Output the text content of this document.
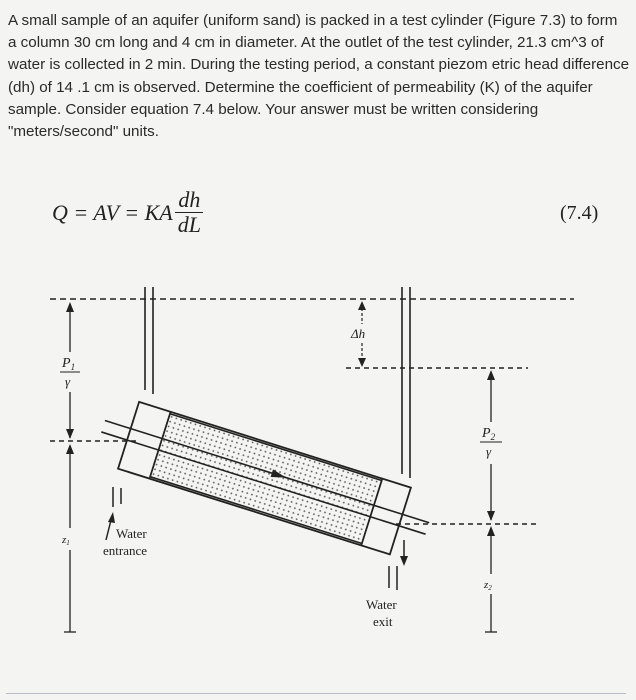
A small sample of an aquifer (uniform sand) is packed in a test cylinder (Figure 7.3) to form a column 30 cm long and 4 cm in diameter. At the outlet of the test cylinder, 21.3 cm^3 of water is collected in 2 min. During the testing period, a constant piezom etric head difference (dh) of 14 .1 cm is observed. Determine the coefficient of permeability (K) of the aquifer sample. Consider equation 7.4 below. Your answer must be written considering "meters/second" units.

Q = AV = KA $\frac{dh}{dL}$	(7.4)
$P_1$
γ
z1
Δh
Water
entrance
Water
exit
$P_2$
γ
z2
